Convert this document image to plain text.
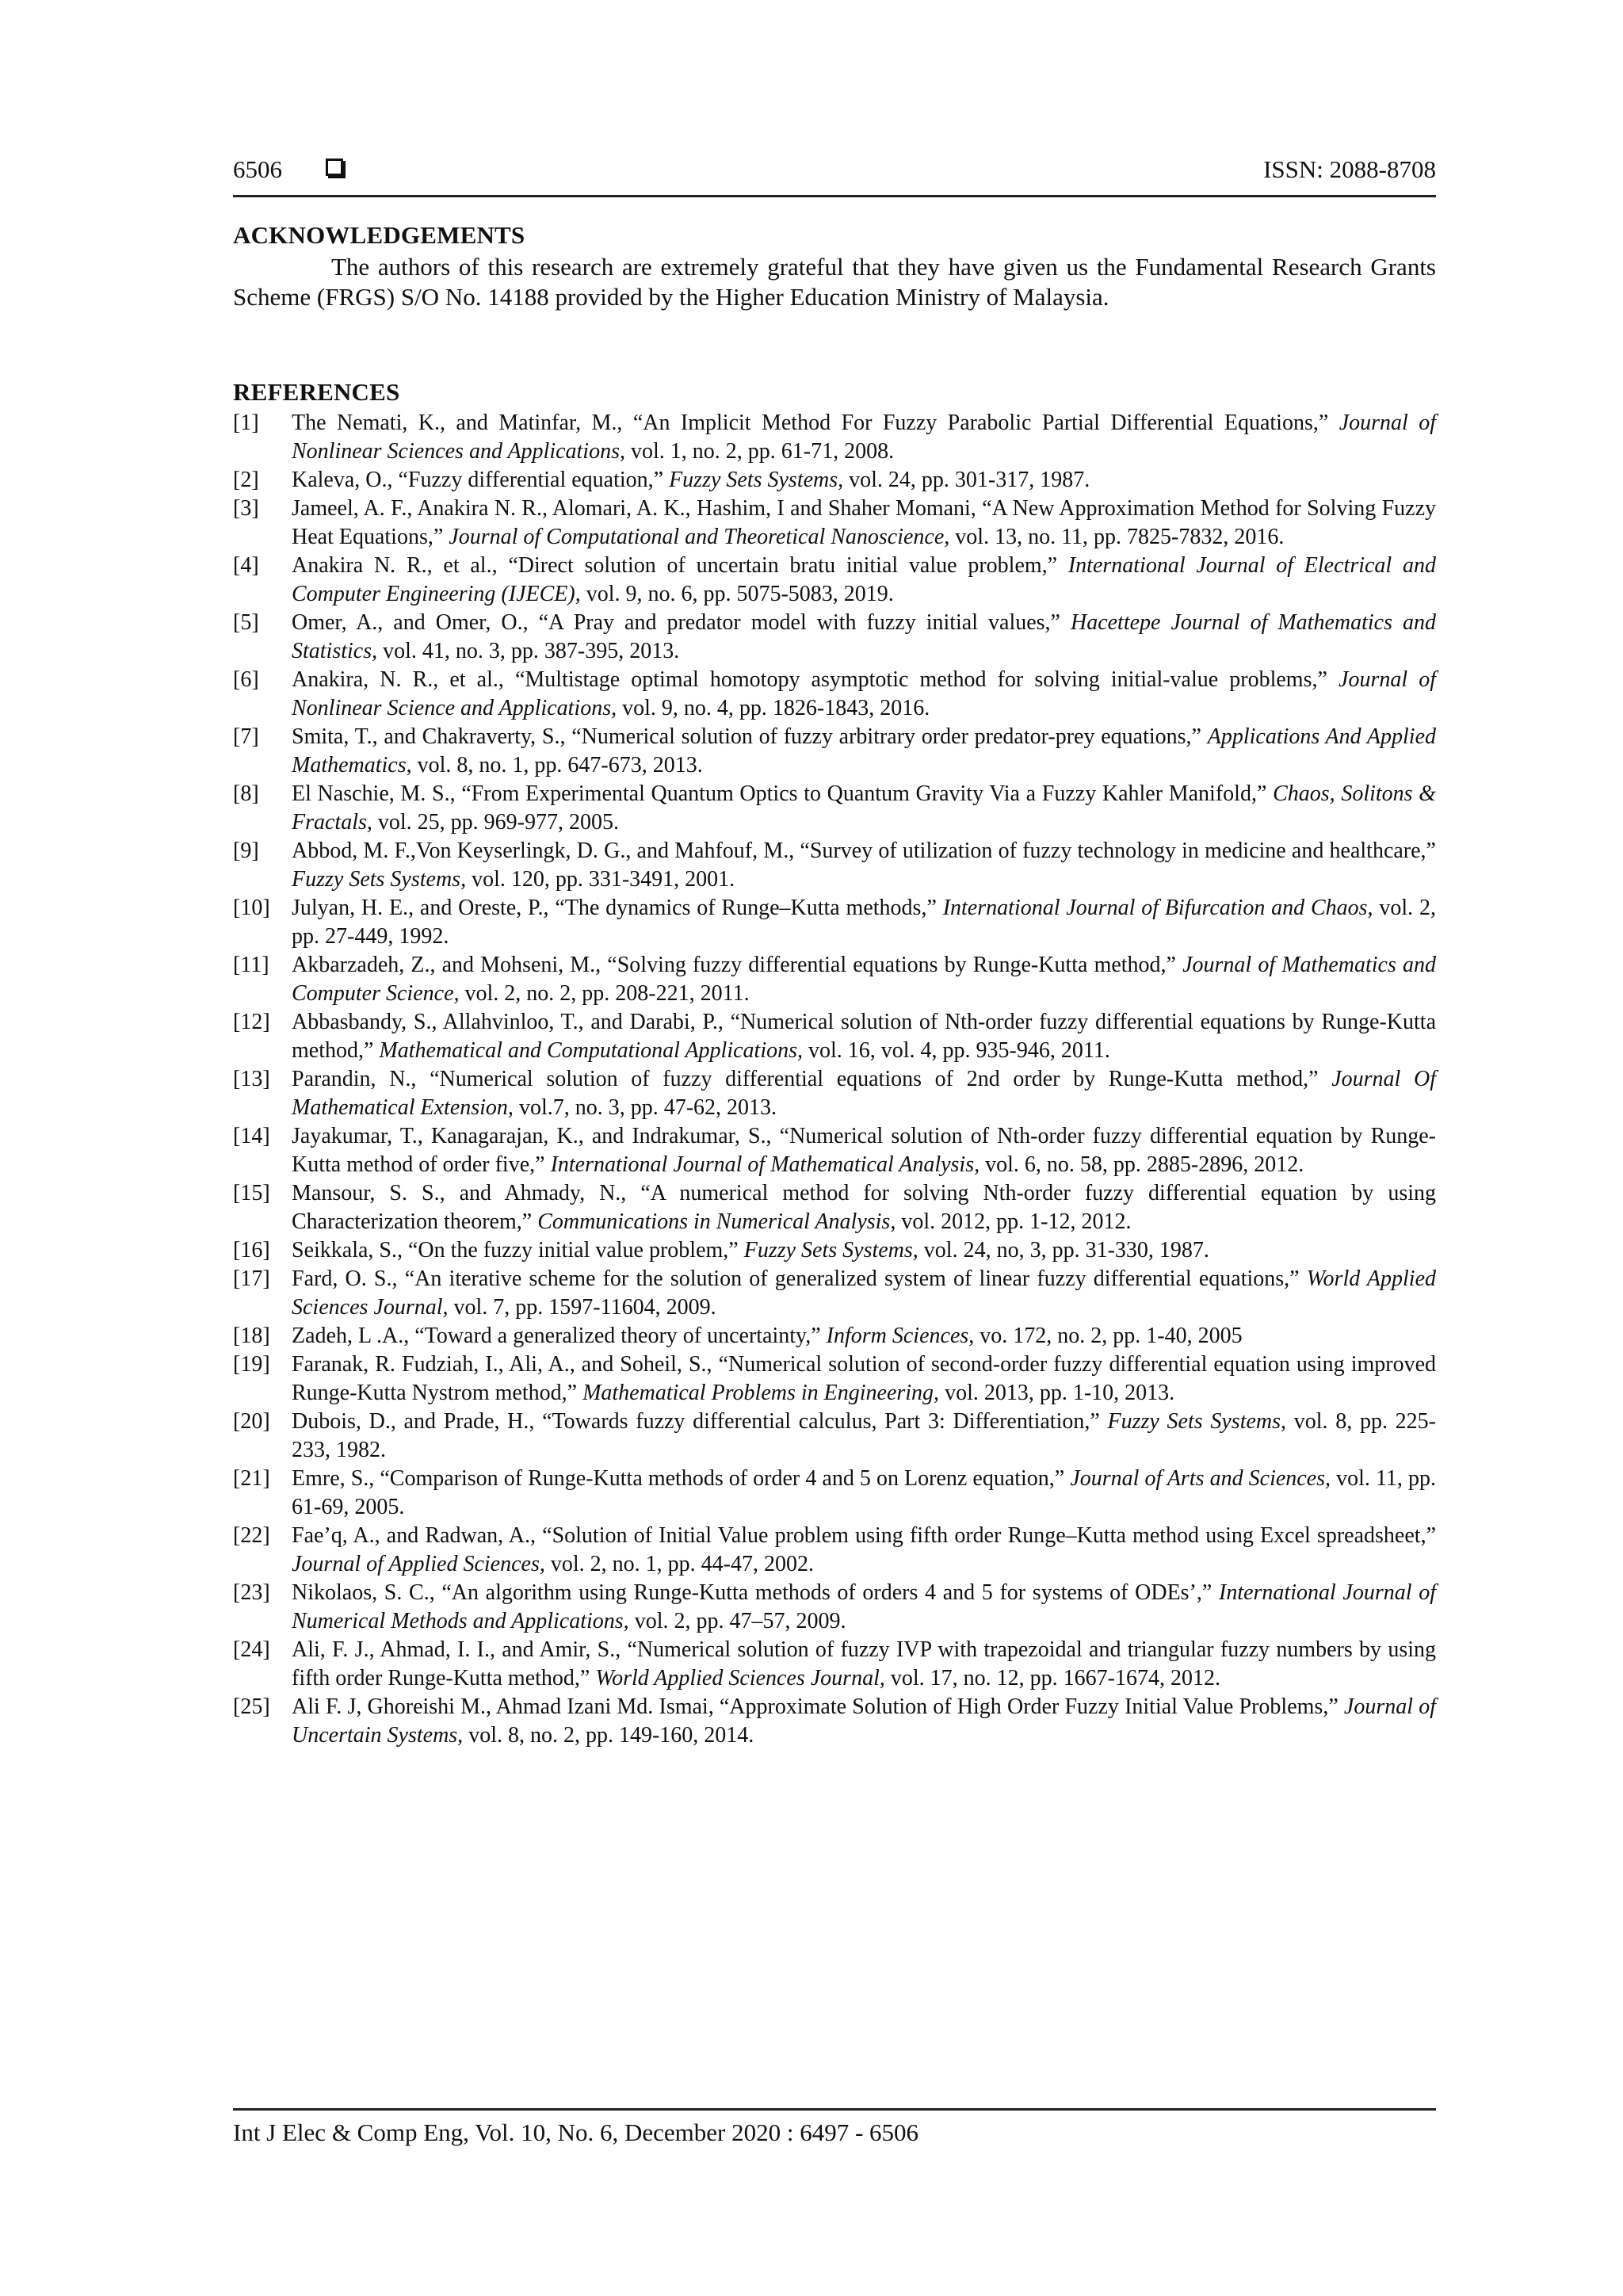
6506	ISSN: 2088-8708
ACKNOWLEDGEMENTS
The authors of this research are extremely grateful that they have given us the Fundamental Research Grants Scheme (FRGS) S/O No. 14188 provided by the Higher Education Ministry of Malaysia.
REFERENCES
[1] The Nemati, K., and Matinfar, M., “An Implicit Method For Fuzzy Parabolic Partial Differential Equations,” Journal of Nonlinear Sciences and Applications, vol. 1, no. 2, pp. 61-71, 2008.
[2] Kaleva, O., “Fuzzy differential equation,” Fuzzy Sets Systems, vol. 24, pp. 301-317, 1987.
[3] Jameel, A. F., Anakira N. R., Alomari, A. K., Hashim, I and Shaher Momani, “A New Approximation Method for Solving Fuzzy Heat Equations,” Journal of Computational and Theoretical Nanoscience, vol. 13, no. 11, pp. 7825-7832, 2016.
[4] Anakira N. R., et al., “Direct solution of uncertain bratu initial value problem,” International Journal of Electrical and Computer Engineering (IJECE), vol. 9, no. 6, pp. 5075-5083, 2019.
[5] Omer, A., and Omer, O., “A Pray and predator model with fuzzy initial values,” Hacettepe Journal of Mathematics and Statistics, vol. 41, no. 3, pp. 387-395, 2013.
[6] Anakira, N. R., et al., “Multistage optimal homotopy asymptotic method for solving initial-value problems,” Journal of Nonlinear Science and Applications, vol. 9, no. 4, pp. 1826-1843, 2016.
[7] Smita, T., and Chakraverty, S., “Numerical solution of fuzzy arbitrary order predator-prey equations,” Applications And Applied Mathematics, vol. 8, no. 1, pp. 647-673, 2013.
[8] El Naschie, M. S., “From Experimental Quantum Optics to Quantum Gravity Via a Fuzzy Kahler Manifold,” Chaos, Solitons & Fractals, vol. 25, pp. 969-977, 2005.
[9] Abbod, M. F.,Von Keyserlingk, D. G., and Mahfouf, M., “Survey of utilization of fuzzy technology in medicine and healthcare,” Fuzzy Sets Systems, vol. 120, pp. 331-3491, 2001.
[10] Julyan, H. E., and Oreste, P., “The dynamics of Runge–Kutta methods,” International Journal of Bifurcation and Chaos, vol. 2, pp. 27-449, 1992.
[11] Akbarzadeh, Z., and Mohseni, M., “Solving fuzzy differential equations by Runge-Kutta method,” Journal of Mathematics and Computer Science, vol. 2, no. 2, pp. 208-221, 2011.
[12] Abbasbandy, S., Allahvinloo, T., and Darabi, P., “Numerical solution of Nth-order fuzzy differential equations by Runge-Kutta method,” Mathematical and Computational Applications, vol. 16, vol. 4, pp. 935-946, 2011.
[13] Parandin, N., “Numerical solution of fuzzy differential equations of 2nd order by Runge-Kutta method,” Journal Of Mathematical Extension, vol.7, no. 3, pp. 47-62, 2013.
[14] Jayakumar, T., Kanagarajan, K., and Indrakumar, S., “Numerical solution of Nth-order fuzzy differential equation by Runge-Kutta method of order five,” International Journal of Mathematical Analysis, vol. 6, no. 58, pp. 2885-2896, 2012.
[15] Mansour, S. S., and Ahmady, N., “A numerical method for solving Nth-order fuzzy differential equation by using Characterization theorem,” Communications in Numerical Analysis, vol. 2012, pp. 1-12, 2012.
[16] Seikkala, S., “On the fuzzy initial value problem,” Fuzzy Sets Systems, vol. 24, no, 3, pp. 31-330, 1987.
[17] Fard, O. S., “An iterative scheme for the solution of generalized system of linear fuzzy differential equations,” World Applied Sciences Journal, vol. 7, pp. 1597-11604, 2009.
[18] Zadeh, L .A., “Toward a generalized theory of uncertainty,” Inform Sciences, vo. 172, no. 2, pp. 1-40, 2005
[19] Faranak, R. Fudziah, I., Ali, A., and Soheil, S., “Numerical solution of second-order fuzzy differential equation using improved Runge-Kutta Nystrom method,” Mathematical Problems in Engineering, vol. 2013, pp. 1-10, 2013.
[20] Dubois, D., and Prade, H., “Towards fuzzy differential calculus, Part 3: Differentiation,” Fuzzy Sets Systems, vol. 8, pp. 225-233, 1982.
[21] Emre, S., “Comparison of Runge-Kutta methods of order 4 and 5 on Lorenz equation,” Journal of Arts and Sciences, vol. 11, pp. 61-69, 2005.
[22] Fae’q, A., and Radwan, A., “Solution of Initial Value problem using fifth order Runge–Kutta method using Excel spreadsheet,” Journal of Applied Sciences, vol. 2, no. 1, pp. 44-47, 2002.
[23] Nikolaos, S. C., “An algorithm using Runge-Kutta methods of orders 4 and 5 for systems of ODEs’,” International Journal of Numerical Methods and Applications, vol. 2, pp. 47–57, 2009.
[24] Ali, F. J., Ahmad, I. I., and Amir, S., “Numerical solution of fuzzy IVP with trapezoidal and triangular fuzzy numbers by using fifth order Runge-Kutta method,” World Applied Sciences Journal, vol. 17, no. 12, pp. 1667-1674, 2012.
[25] Ali F. J, Ghoreishi M., Ahmad Izani Md. Ismai, “Approximate Solution of High Order Fuzzy Initial Value Problems,” Journal of Uncertain Systems, vol. 8, no. 2, pp. 149-160, 2014.
Int J Elec & Comp Eng, Vol. 10, No. 6, December 2020 : 6497 - 6506
